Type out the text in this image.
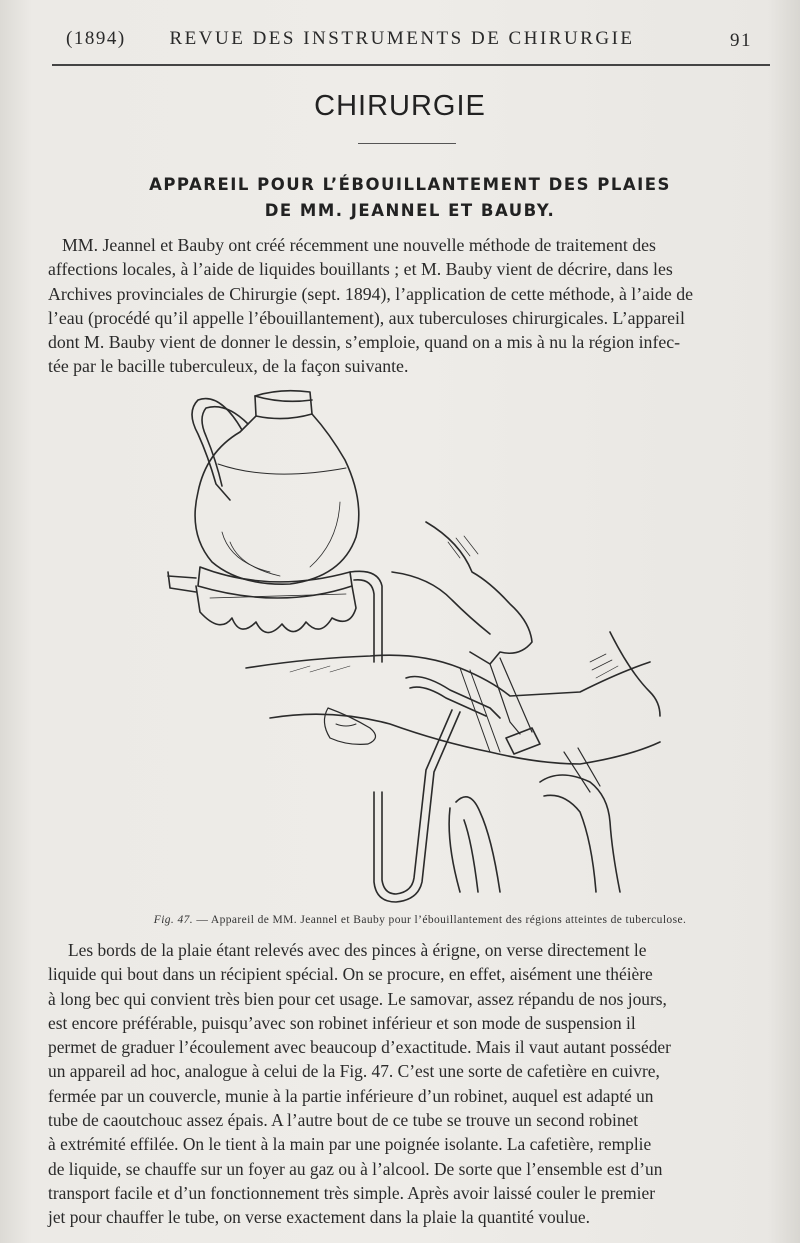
(1894)	REVUE DES INSTRUMENTS DE CHIRURGIE	91
CHIRURGIE
APPAREIL POUR L’ÉBOUILLANTEMENT DES PLAIES
DE MM. JEANNEL ET BAUBY.
MM. Jeannel et Bauby ont créé récemment une nouvelle méthode de traitement des
affections locales, à l’aide de liquides bouillants ; et M. Bauby vient de décrire, dans les
Archives provinciales de Chirurgie (sept. 1894), l’application de cette méthode, à l’aide de
l’eau (procédé qu’il appelle l’ébouillantement), aux tuberculoses chirurgicales. L’appareil
dont M. Bauby vient de donner le dessin, s’emploie, quand on a mis à nu la région infec-
tée par le bacille tuberculeux, de la façon suivante.
Fig. 47. — Appareil de MM. Jeannel et Bauby pour l’ébouillantement des régions atteintes de tuberculose.
Les bords de la plaie étant relevés avec des pinces à érigne, on verse directement le
liquide qui bout dans un récipient spécial. On se procure, en effet, aisément une théière
à long bec qui convient très bien pour cet usage. Le samovar, assez répandu de nos jours,
est encore préférable, puisqu’avec son robinet inférieur et son mode de suspension il
permet de graduer l’écoulement avec beaucoup d’exactitude. Mais il vaut autant posséder
un appareil ad hoc, analogue à celui de la Fig. 47. C’est une sorte de cafetière en cuivre,
fermée par un couvercle, munie à la partie inférieure d’un robinet, auquel est adapté un
tube de caoutchouc assez épais. A l’autre bout de ce tube se trouve un second robinet
à extrémité effilée. On le tient à la main par une poignée isolante. La cafetière, remplie
de liquide, se chauffe sur un foyer au gaz ou à l’alcool. De sorte que l’ensemble est d’un
transport facile et d’un fonctionnement très simple. Après avoir laissé couler le premier
jet pour chauffer le tube, on verse exactement dans la plaie la quantité voulue.
